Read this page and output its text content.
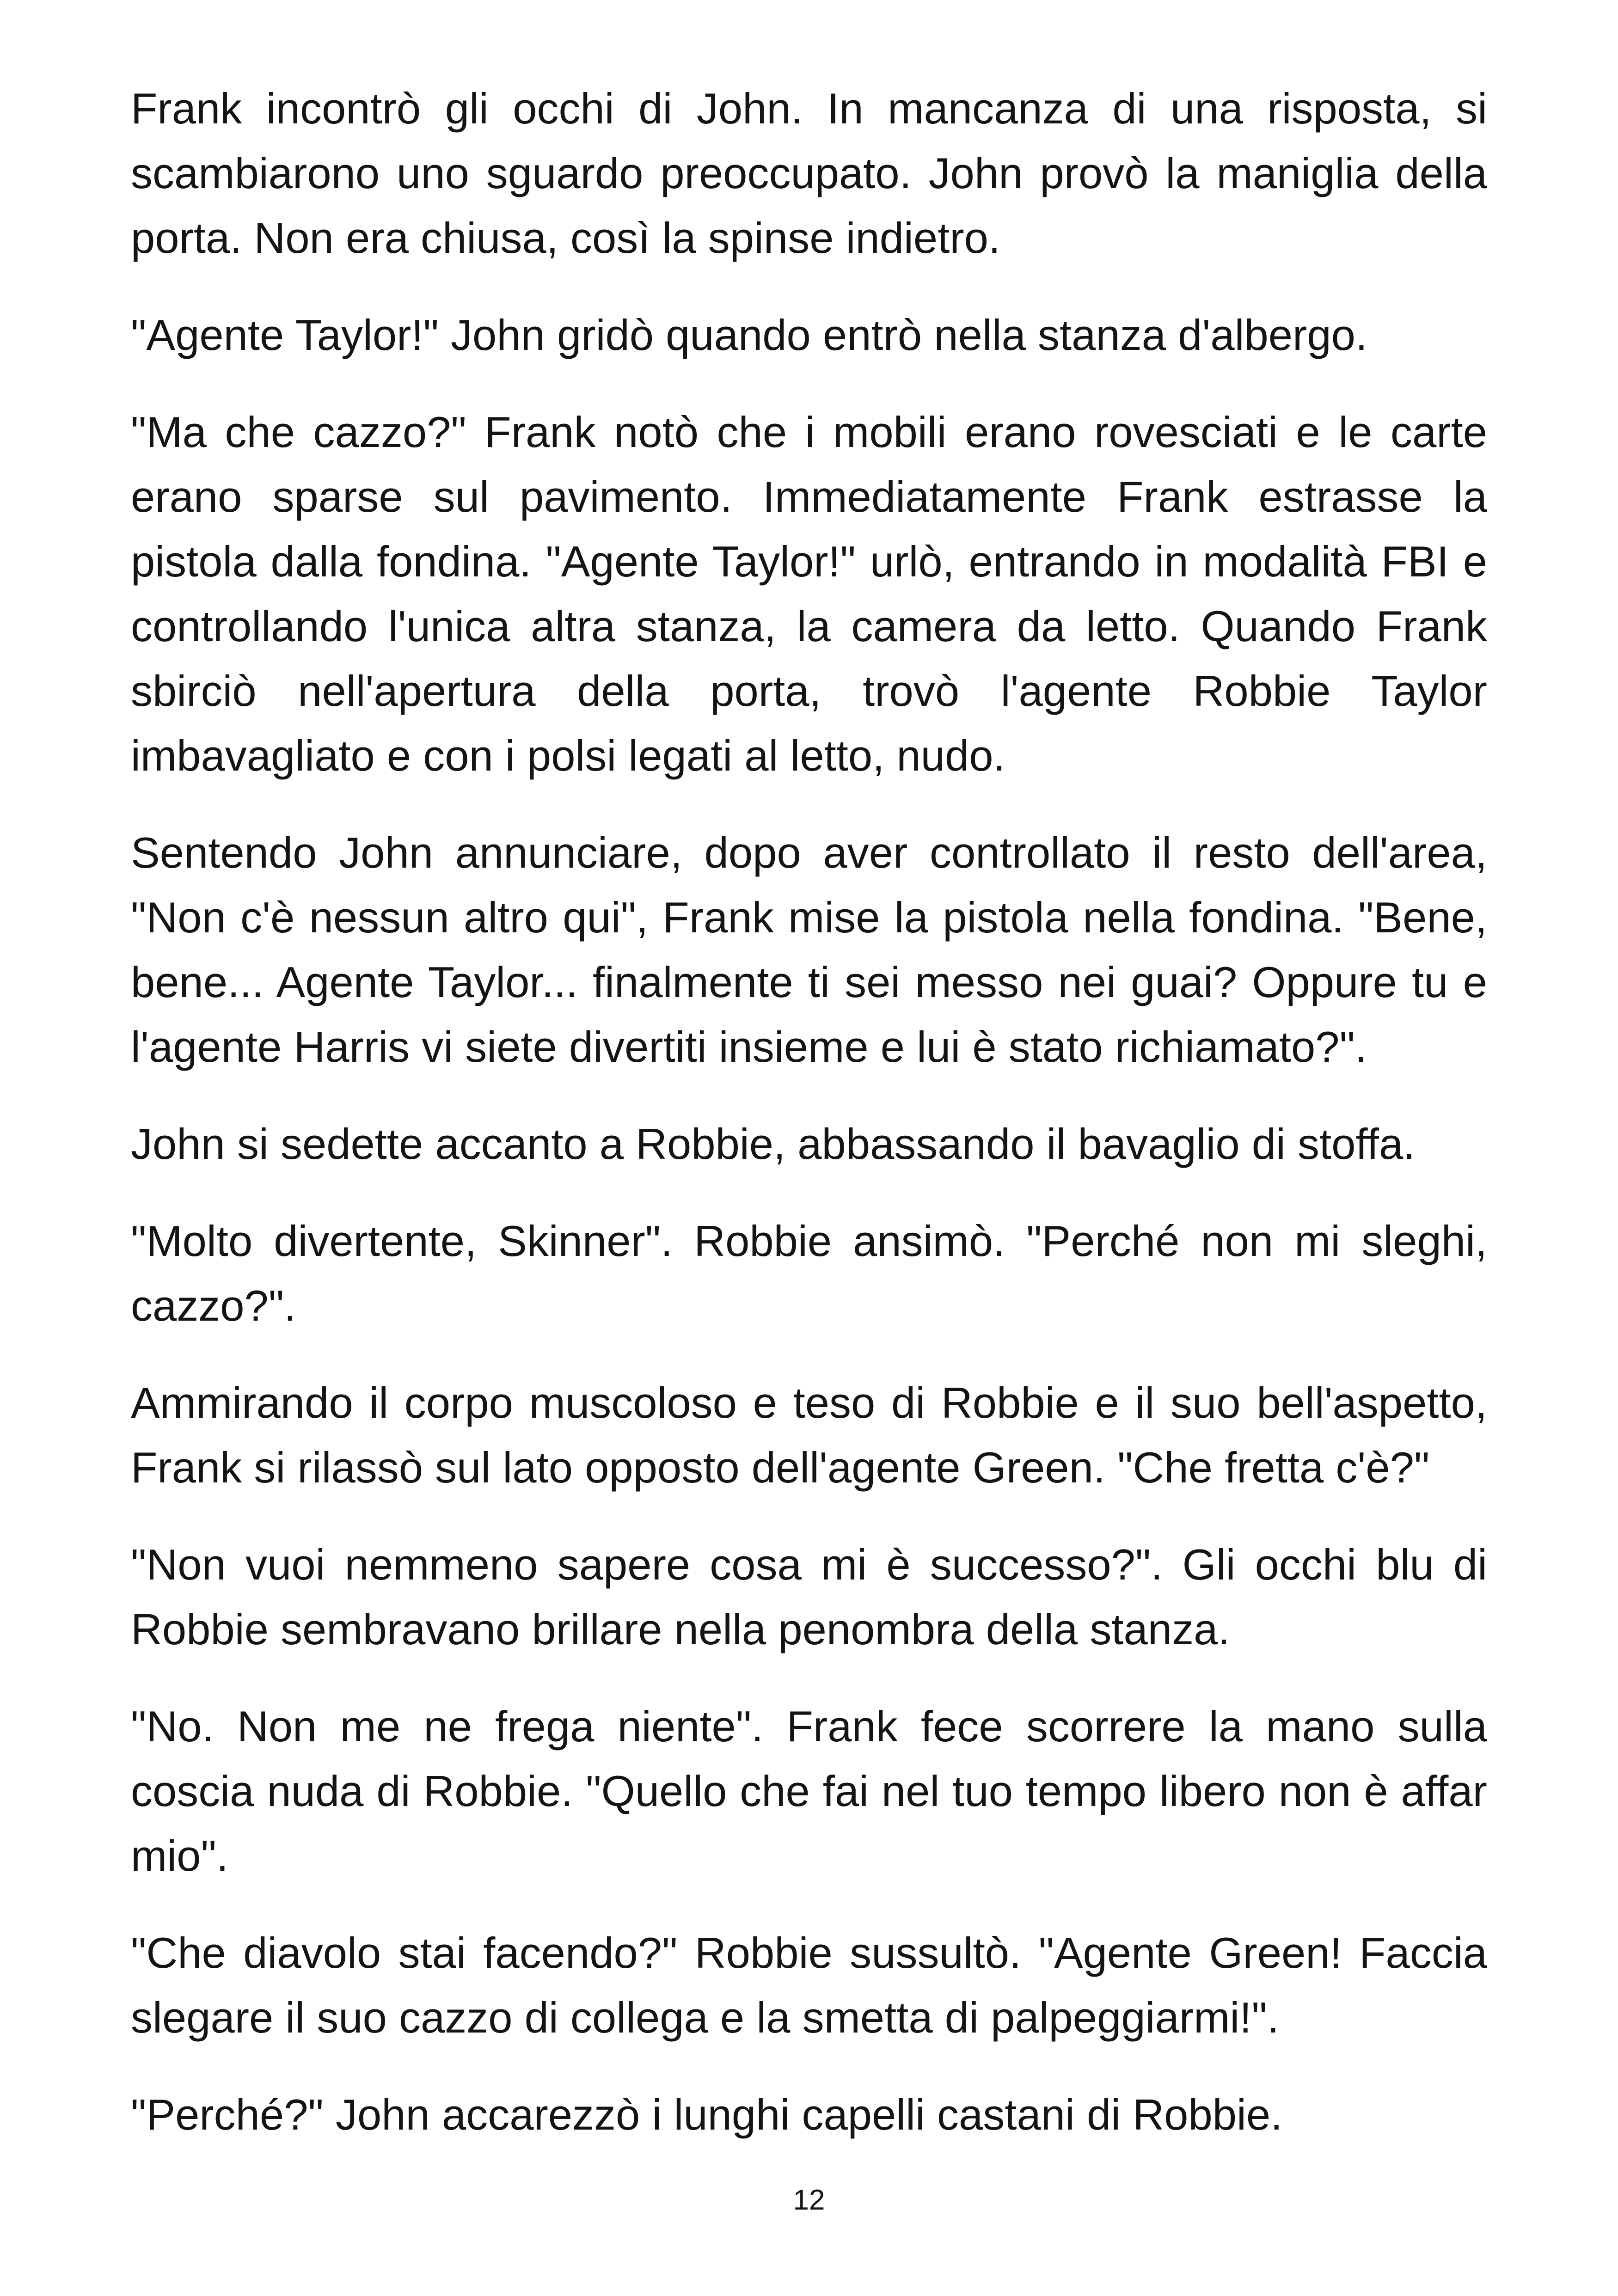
Frank incontrò gli occhi di John. In mancanza di una risposta, si scambiarono uno sguardo preoccupato. John provò la maniglia della porta. Non era chiusa, così la spinse indietro.

"Agente Taylor!" John gridò quando entrò nella stanza d'albergo.

"Ma che cazzo?" Frank notò che i mobili erano rovesciati e le carte erano sparse sul pavimento. Immediatamente Frank estrasse la pistola dalla fondina. "Agente Taylor!" urlò, entrando in modalità FBI e controllando l'unica altra stanza, la camera da letto. Quando Frank sbirciò nell'apertura della porta, trovò l'agente Robbie Taylor imbavagliato e con i polsi legati al letto, nudo.

Sentendo John annunciare, dopo aver controllato il resto dell'area, "Non c'è nessun altro qui", Frank mise la pistola nella fondina. "Bene, bene... Agente Taylor... finalmente ti sei messo nei guai? Oppure tu e l'agente Harris vi siete divertiti insieme e lui è stato richiamato?".

John si sedette accanto a Robbie, abbassando il bavaglio di stoffa.

"Molto divertente, Skinner". Robbie ansimò. "Perché non mi sleghi, cazzo?".

Ammirando il corpo muscoloso e teso di Robbie e il suo bell'aspetto, Frank si rilassò sul lato opposto dell'agente Green. "Che fretta c'è?"

"Non vuoi nemmeno sapere cosa mi è successo?". Gli occhi blu di Robbie sembravano brillare nella penombra della stanza.

"No. Non me ne frega niente". Frank fece scorrere la mano sulla coscia nuda di Robbie. "Quello che fai nel tuo tempo libero non è affar mio".

"Che diavolo stai facendo?" Robbie sussultò. "Agente Green! Faccia slegare il suo cazzo di collega e la smetta di palpeggiarmi!".

"Perché?" John accarezzò i lunghi capelli castani di Robbie.

12
